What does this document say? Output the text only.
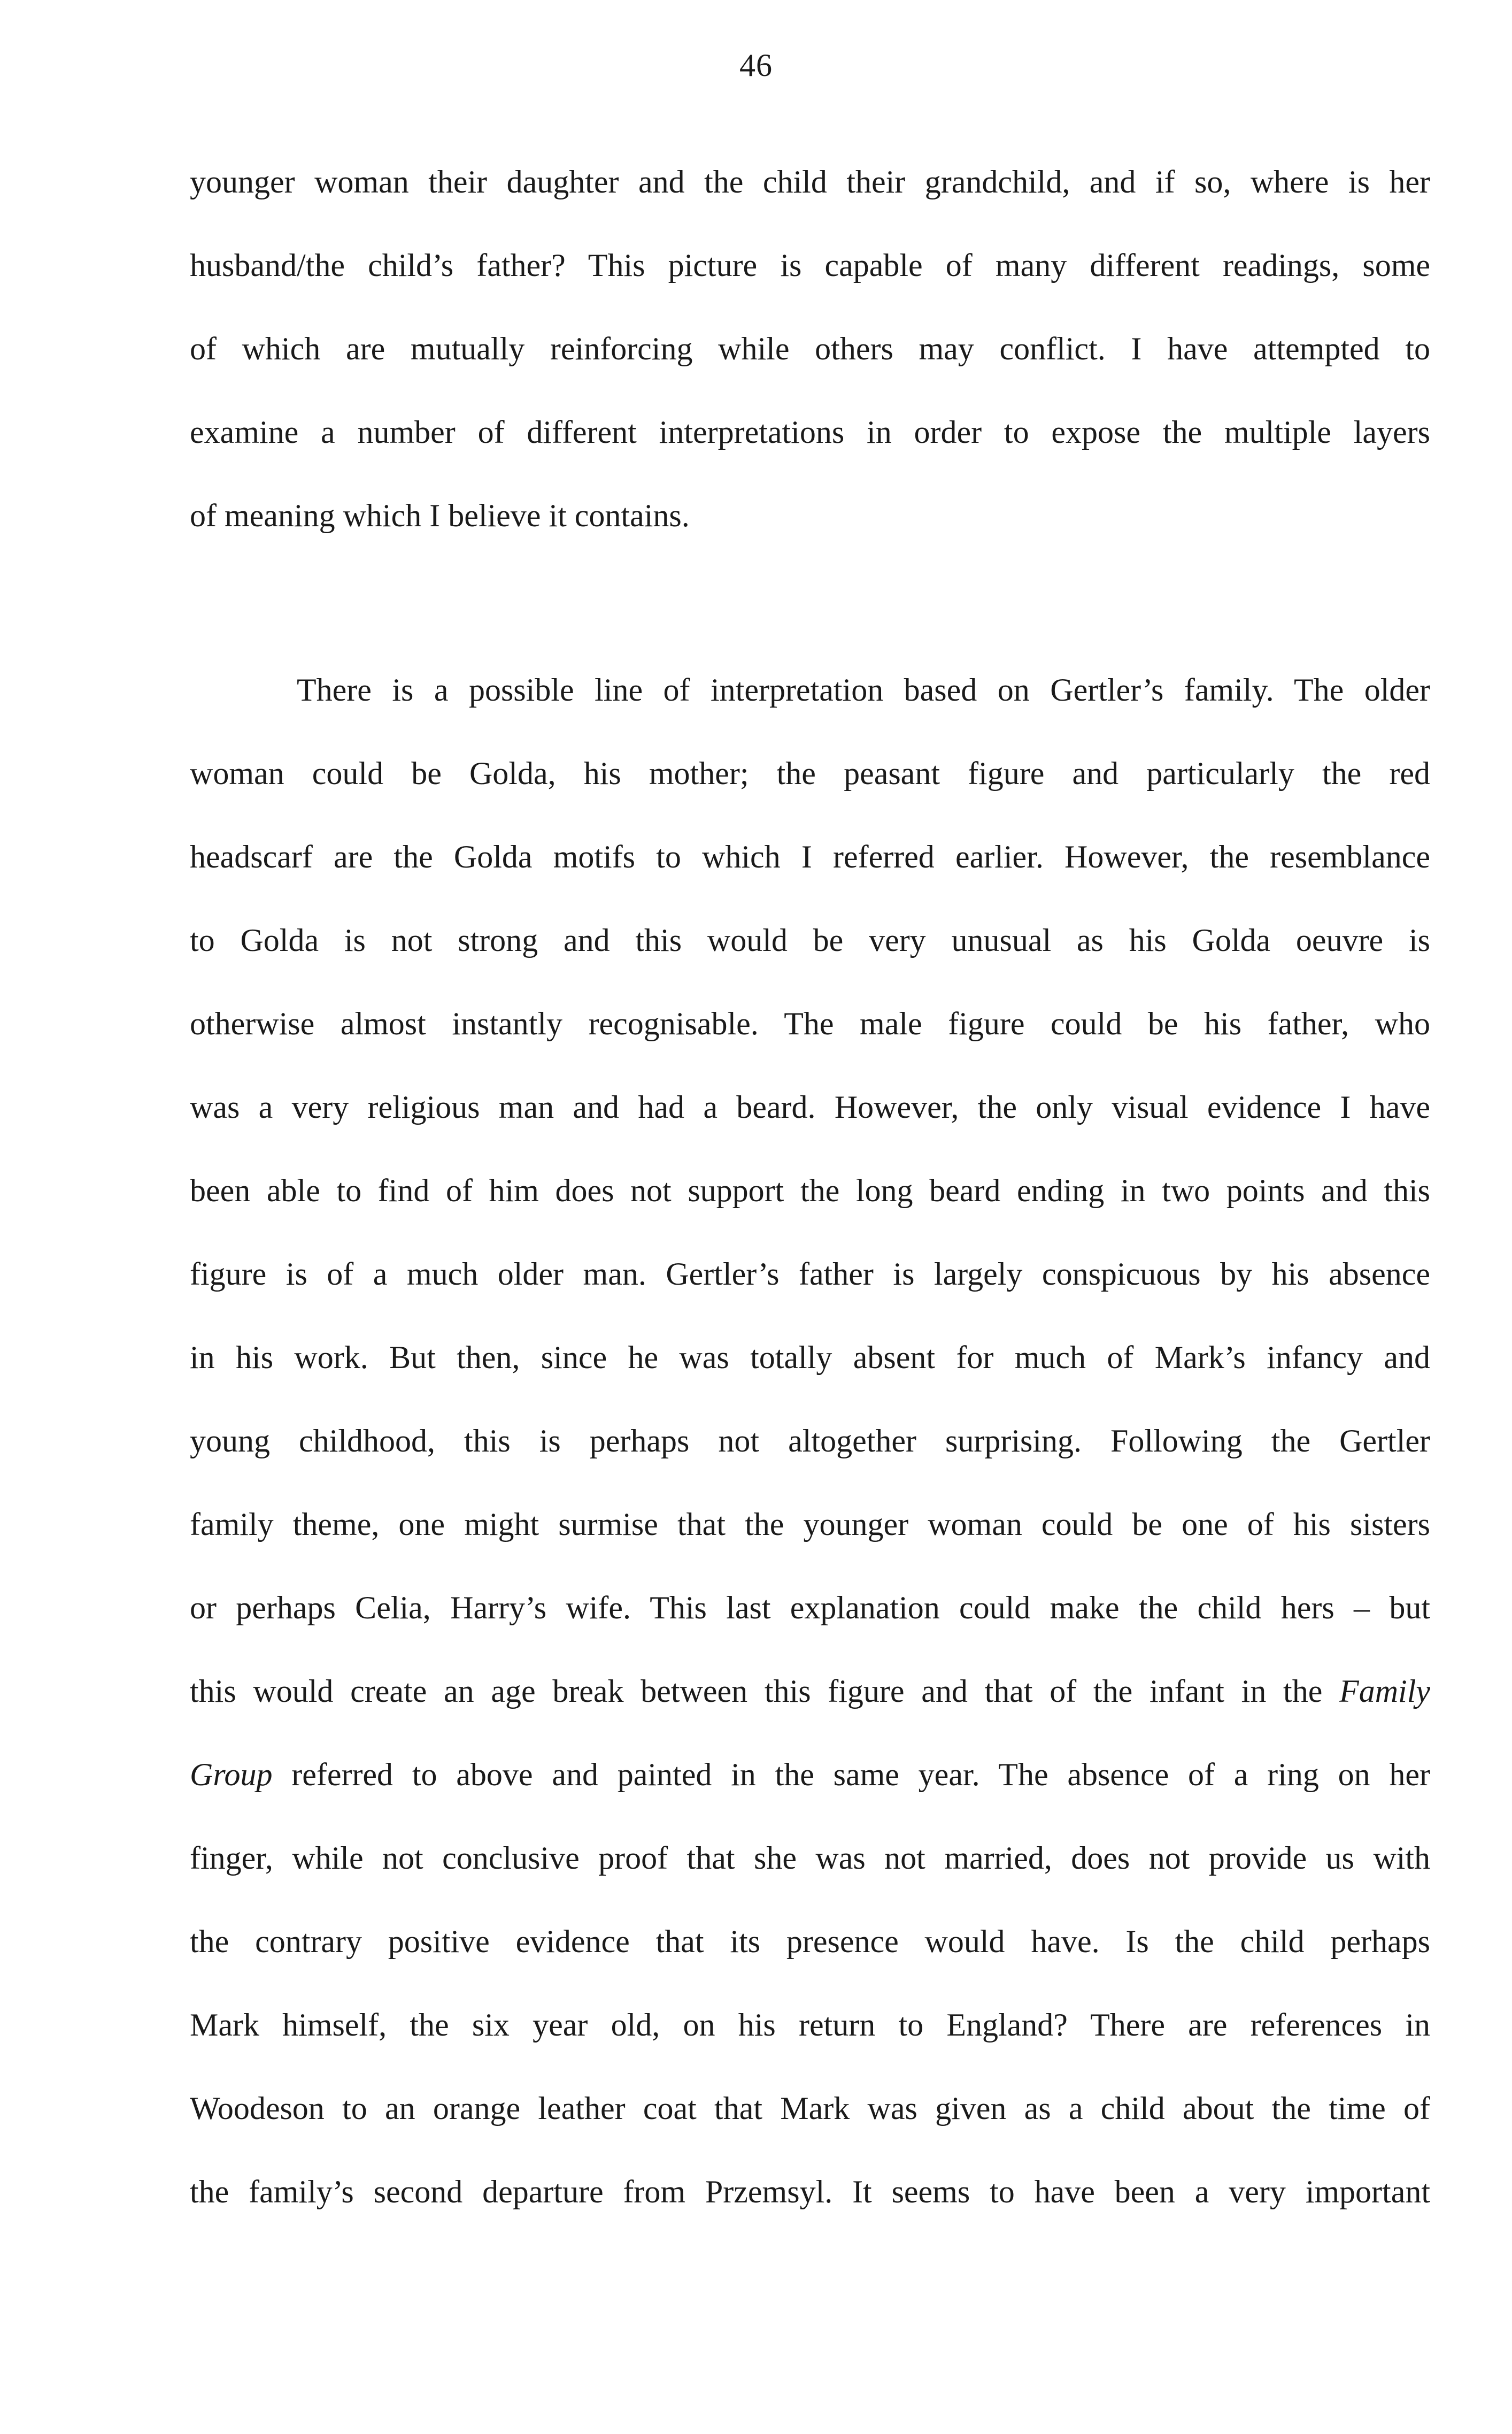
46
younger woman their daughter and the child their grandchild, and if so, where is her
husband/the child’s father? This picture is capable of many different readings, some
of which are mutually reinforcing while others may conflict. I have attempted to
examine a number of different interpretations in order to expose the multiple layers
of meaning which I believe it contains.
There is a possible line of interpretation based on Gertler’s family. The older
woman could be Golda, his mother; the peasant figure and particularly the red
headscarf are the Golda motifs to which I referred earlier. However, the resemblance
to Golda is not strong and this would be very unusual as his Golda oeuvre is
otherwise almost instantly recognisable. The male figure could be his father, who
was a very religious man and had a beard. However, the only visual evidence I have
been able to find of him does not support the long beard ending in two points and this
figure is of a much older man. Gertler’s father is largely conspicuous by his absence
in his work. But then, since he was totally absent for much of Mark’s infancy and
young childhood, this is perhaps not altogether surprising. Following the Gertler
family theme, one might surmise that the younger woman could be one of his sisters
or perhaps Celia, Harry’s wife. This last explanation could make the child hers – but
this would create an age break between this figure and that of the infant in the Family
Group referred to above and painted in the same year. The absence of a ring on her
finger, while not conclusive proof that she was not married, does not provide us with
the contrary positive evidence that its presence would have. Is the child perhaps
Mark himself, the six year old, on his return to England? There are references in
Woodeson to an orange leather coat that Mark was given as a child about the time of
the family’s second departure from Przemsyl. It seems to have been a very important
